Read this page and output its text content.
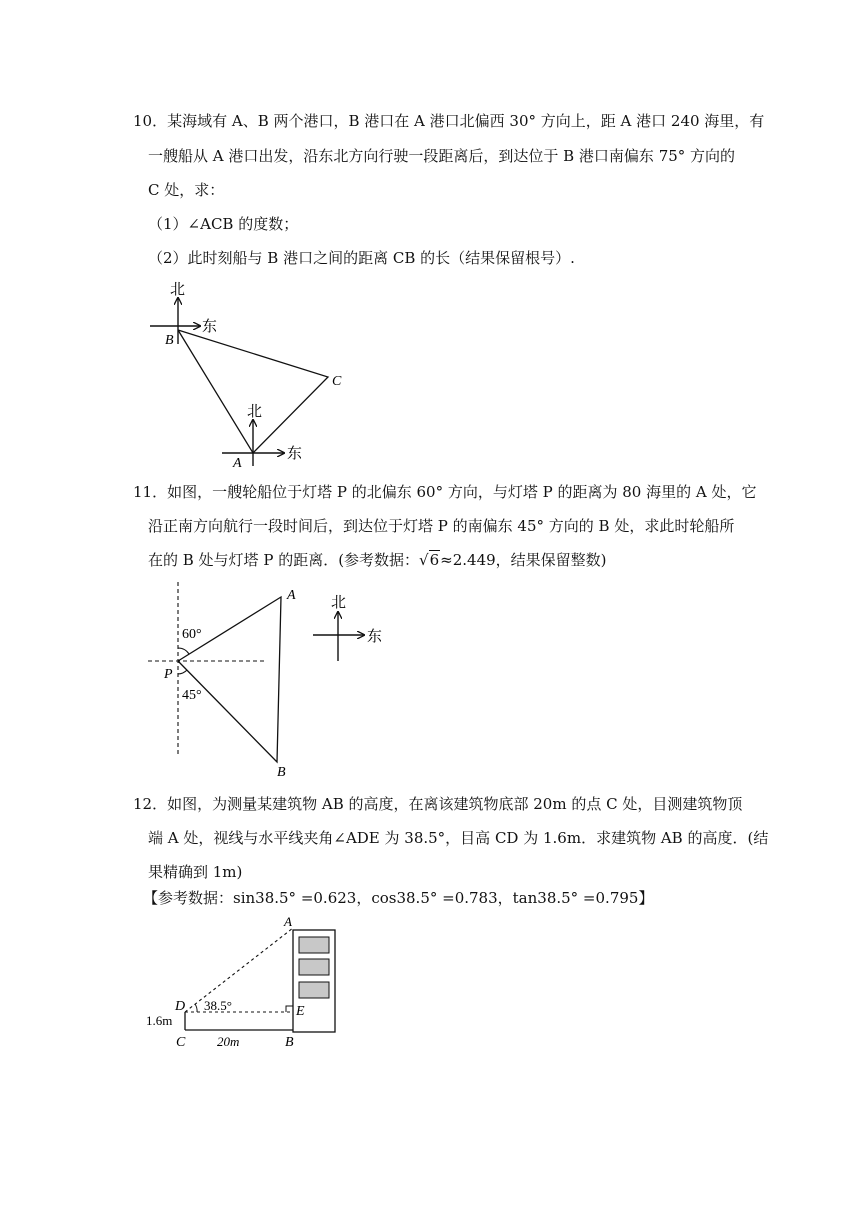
10．某海域有 A、B 两个港口，B 港口在 A 港口北偏西 30° 方向上，距 A 港口 240 海里，有
一艘船从 A 港口出发，沿东北方向行驶一段距离后，到达位于 B 港口南偏东 75° 方向的
C 处，求：
（1）∠ACB 的度数；
（2）此时刻船与 B 港口之间的距离 CB 的长（结果保留根号）.
北
东
B
C
北
东
A
11．如图，一艘轮船位于灯塔 P 的北偏东 60° 方向，与灯塔 P 的距离为 80 海里的 A 处，它
沿正南方向航行一段时间后，到达位于灯塔 P 的南偏东 45° 方向的 B 处，求此时轮船所
在的 B 处与灯塔 P 的距离．(参考数据：√6≈2.449，结果保留整数)
60°
45°
P
A
B
北
东
12．如图，为测量某建筑物 AB 的高度，在离该建筑物底部 20m 的点 C 处，目测建筑物顶
端 A 处，视线与水平线夹角∠ADE 为 38.5°，目高 CD 为 1.6m．求建筑物 AB 的高度．(结
果精确到 1m)
【参考数据：sin38.5° =0.623，cos38.5° =0.783，tan38.5° =0.795】
A
D 38.5°	E
1.6m
C 20m	B
